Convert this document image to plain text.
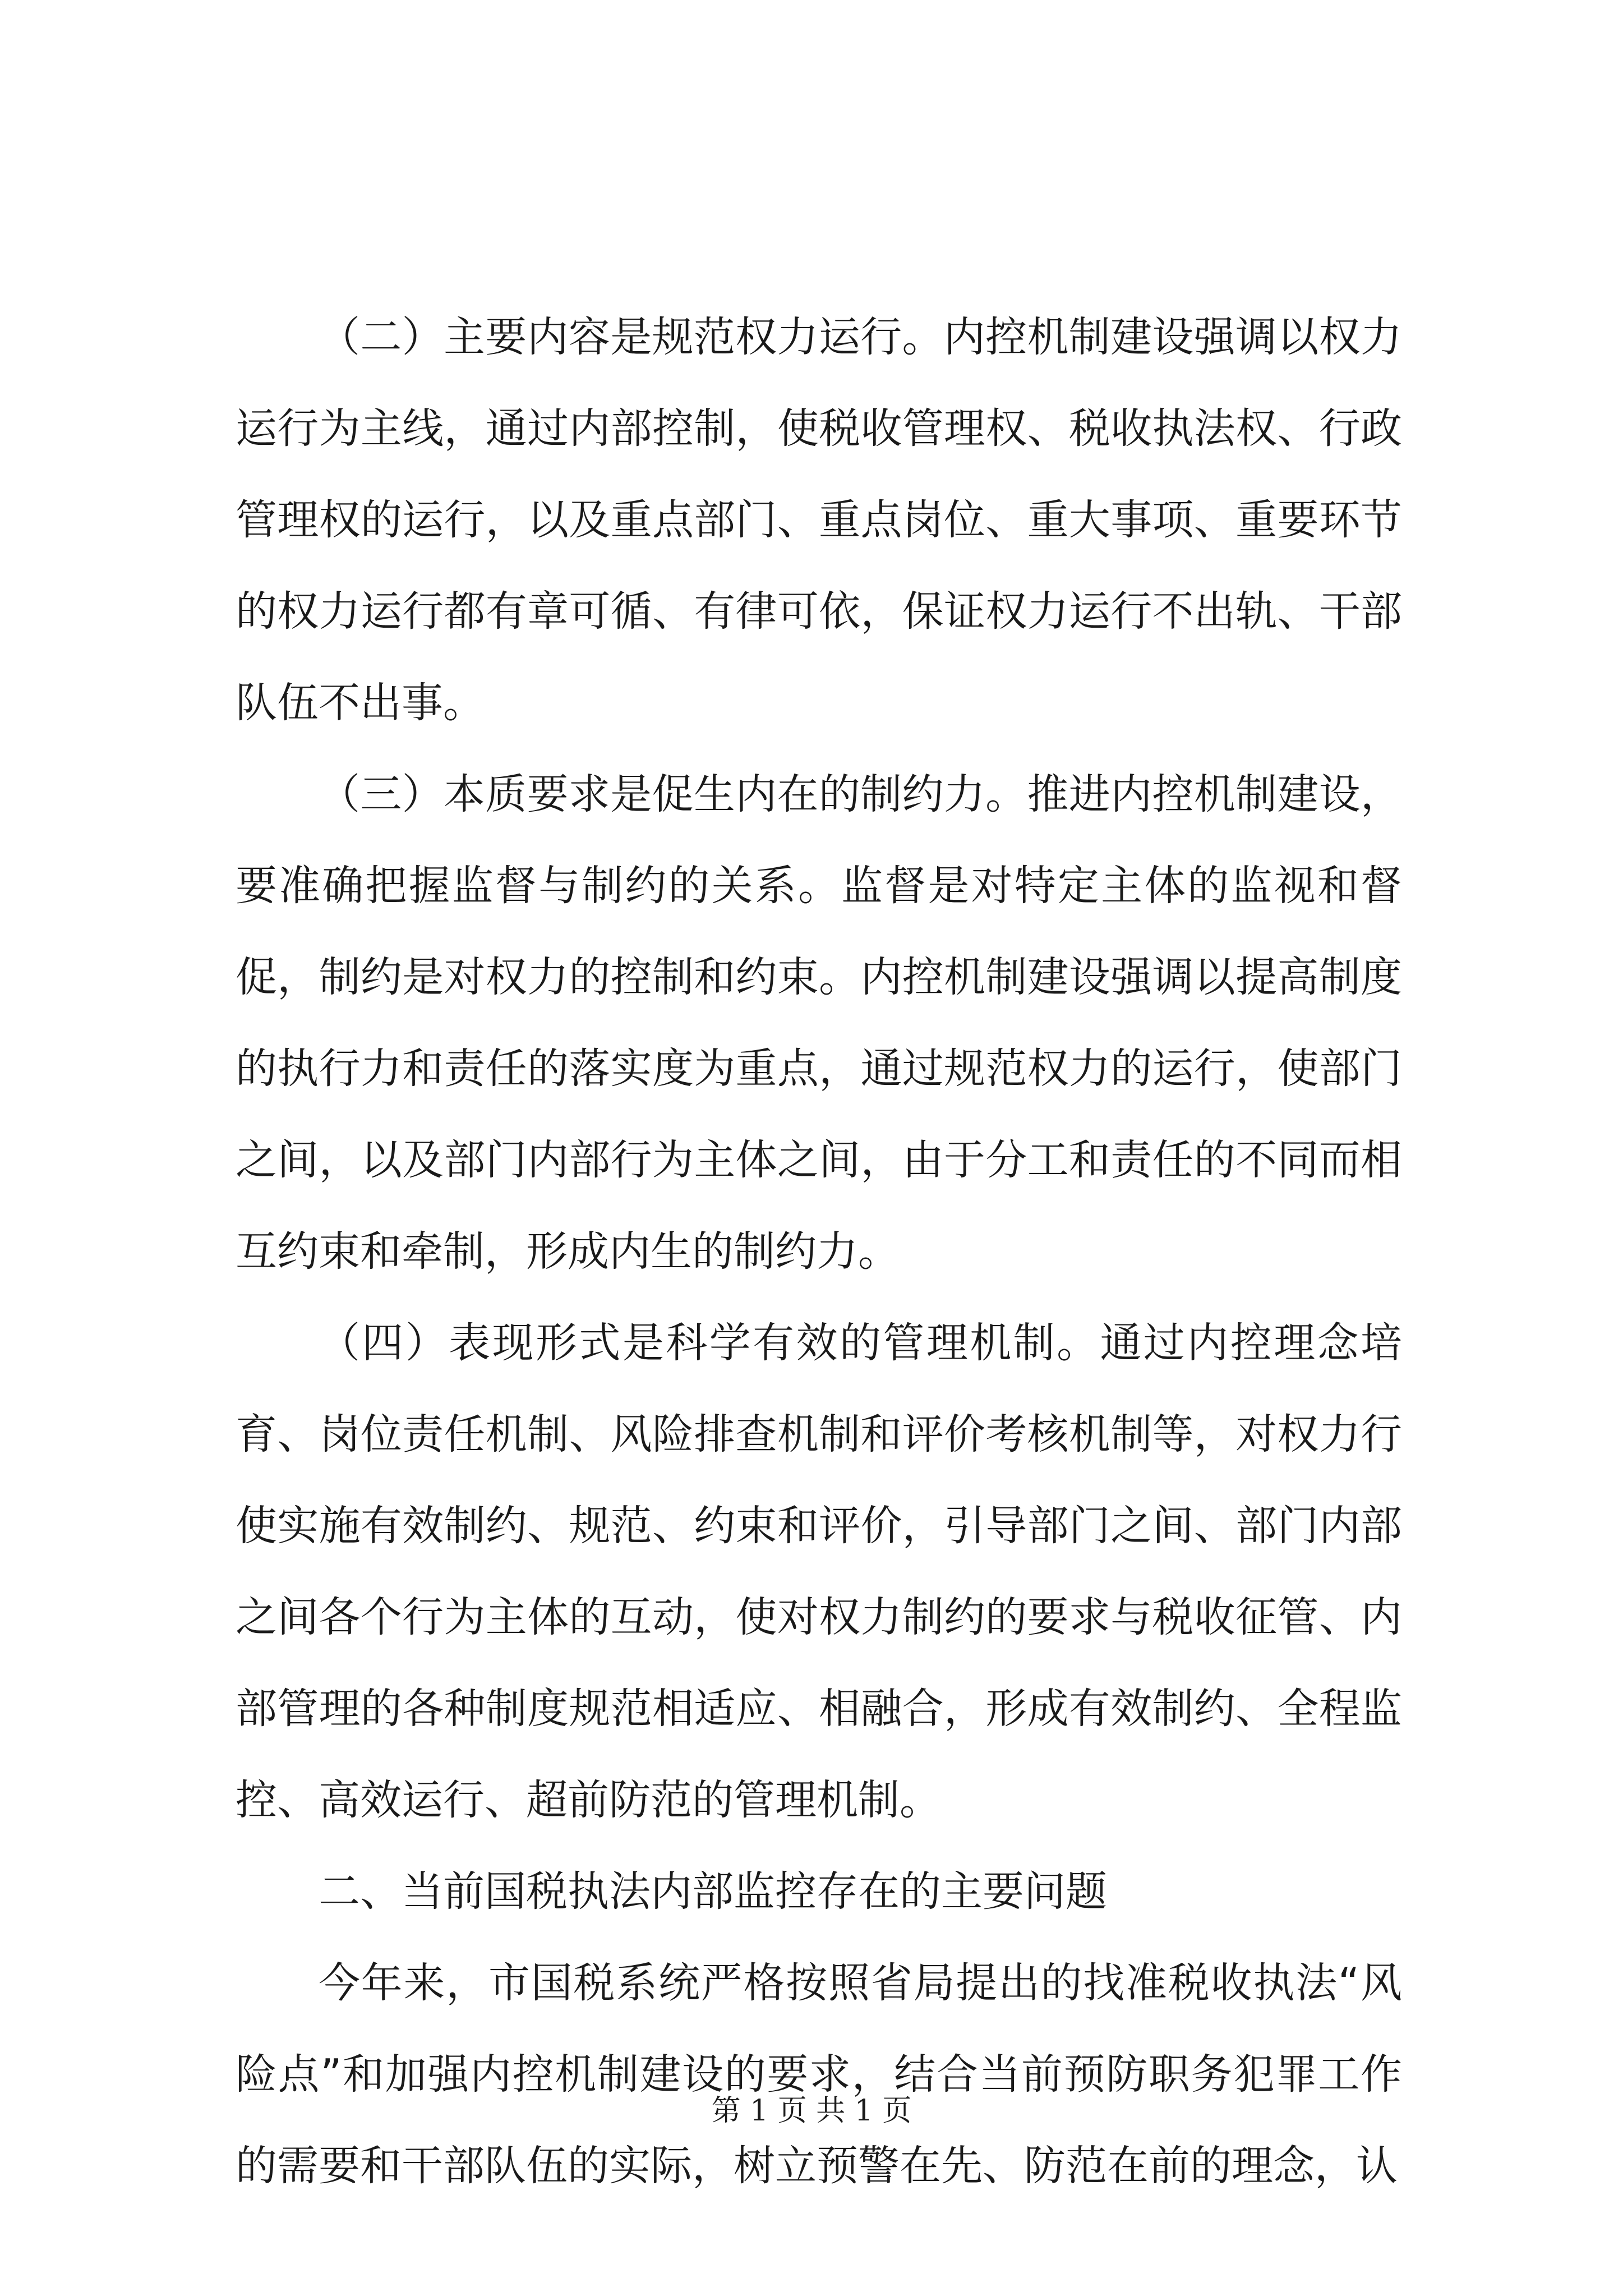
（二）主要内容是规范权力运行。内控机制建设强调以权力运行为主线，通过内部控制，使税收管理权、税收执法权、行政管理权的运行，以及重点部门、重点岗位、重大事项、重要环节的权力运行都有章可循、有律可依，保证权力运行不出轨、干部队伍不出事。

（三）本质要求是促生内在的制约力。推进内控机制建设，要准确把握监督与制约的关系。监督是对特定主体的监视和督促，制约是对权力的控制和约束。内控机制建设强调以提高制度的执行力和责任的落实度为重点，通过规范权力的运行，使部门之间，以及部门内部行为主体之间，由于分工和责任的不同而相互约束和牵制，形成内生的制约力。

（四）表现形式是科学有效的管理机制。通过内控理念培育、岗位责任机制、风险排查机制和评价考核机制等，对权力行使实施有效制约、规范、约束和评价，引导部门之间、部门内部之间各个行为主体的互动，使对权力制约的要求与税收征管、内部管理的各种制度规范相适应、相融合，形成有效制约、全程监控、高效运行、超前防范的管理机制。

二、当前国税执法内部监控存在的主要问题

今年来，市国税系统严格按照省局提出的找准税收执法“风险点”和加强内控机制建设的要求，结合当前预防职务犯罪工作的需要和干部队伍的实际，树立预警在先、防范在前的理念，认

第 1 页 共 1 页
